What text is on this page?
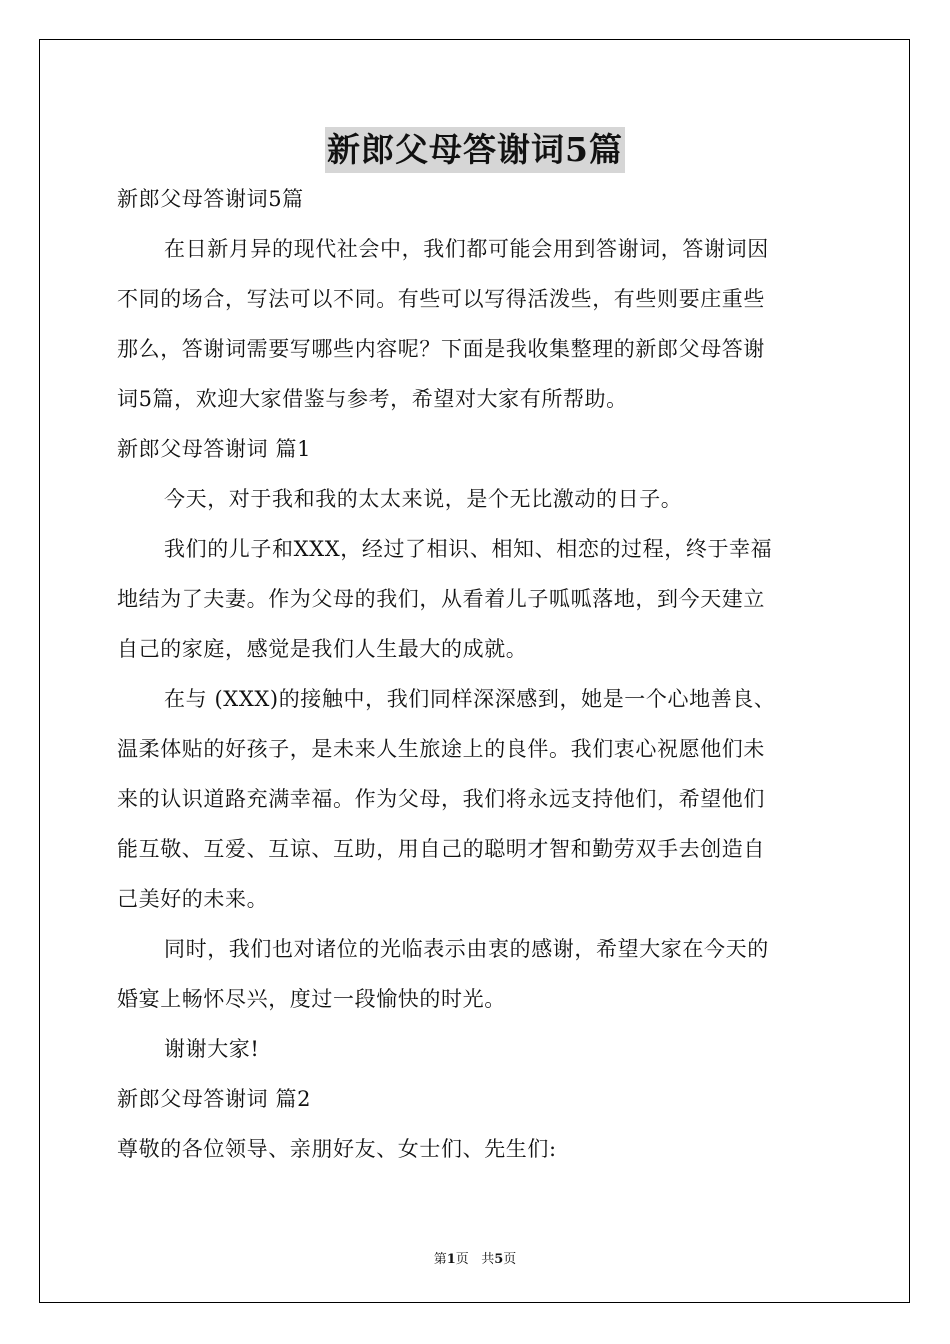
新郎父母答谢词5篇
新郎父母答谢词5篇
在日新月异的现代社会中，我们都可能会用到答谢词，答谢词因
不同的场合，写法可以不同。有些可以写得活泼些，有些则要庄重些
那么，答谢词需要写哪些内容呢？下面是我收集整理的新郎父母答谢
词5篇，欢迎大家借鉴与参考，希望对大家有所帮助。
新郎父母答谢词 篇1
今天，对于我和我的太太来说，是个无比激动的日子。
我们的儿子和XXX，经过了相识、相知、相恋的过程，终于幸福
地结为了夫妻。作为父母的我们，从看着儿子呱呱落地，到今天建立
自己的家庭，感觉是我们人生最大的成就。
在与 (XXX)的接触中，我们同样深深感到，她是一个心地善良、
温柔体贴的好孩子，是未来人生旅途上的良伴。我们衷心祝愿他们未
来的认识道路充满幸福。作为父母，我们将永远支持他们，希望他们
能互敬、互爱、互谅、互助，用自己的聪明才智和勤劳双手去创造自
己美好的未来。
同时，我们也对诸位的光临表示由衷的感谢，希望大家在今天的
婚宴上畅怀尽兴，度过一段愉快的时光。
谢谢大家!
新郎父母答谢词 篇2
尊敬的各位领导、亲朋好友、女士们、先生们:
第1页 共5页
